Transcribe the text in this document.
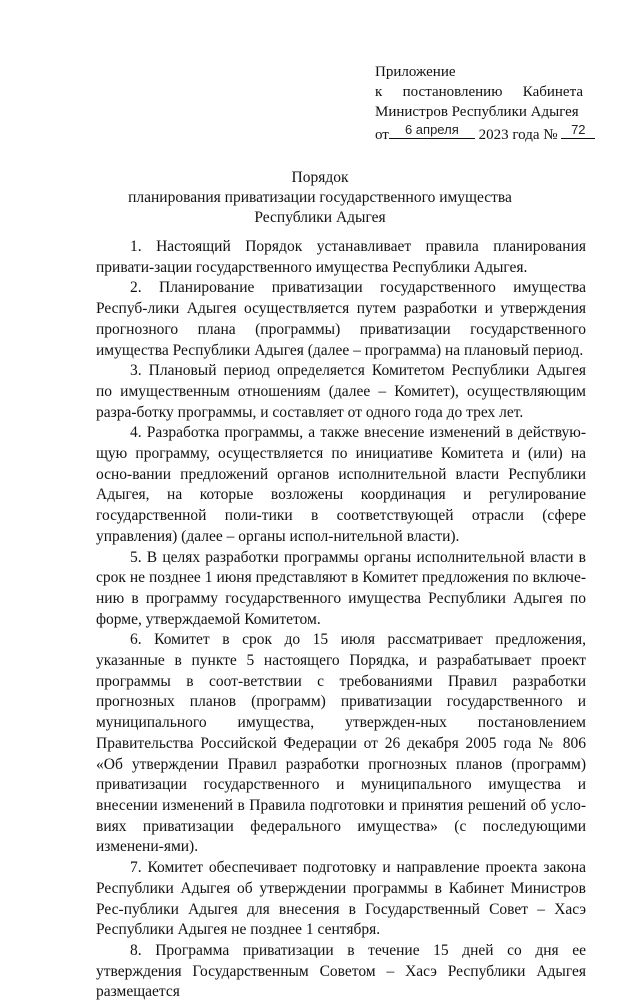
Приложение
к постановлению Кабинета
Министров Республики Адыгея
от	6 апреля	2023 года №	72
Порядок
планирования приватизации государственного имущества
Республики Адыгея

1. Настоящий Порядок устанавливает правила планирования привати-зации государственного имущества Республики Адыгея.

2. Планирование приватизации государственного имущества Респуб-лики Адыгея осуществляется путем разработки и утверждения прогнозного плана (программы) приватизации государственного имущества Республики Адыгея (далее – программа) на плановый период.

3. Плановый период определяется Комитетом Республики Адыгея по имущественным отношениям (далее – Комитет), осуществляющим разра-ботку программы, и составляет от одного года до трех лет.

4. Разработка программы, а также внесение изменений в действую-щую программу, осуществляется по инициативе Комитета и (или) на осно-вании предложений органов исполнительной власти Республики Адыгея, на которые возложены координация и регулирование государственной поли-тики в соответствующей отрасли (сфере управления) (далее – органы испол-нительной власти).

5. В целях разработки программы органы исполнительной власти в срок не позднее 1 июня представляют в Комитет предложения по включе-нию в программу государственного имущества Республики Адыгея по форме, утверждаемой Комитетом.

6. Комитет в срок до 15 июля рассматривает предложения, указанные в пункте 5 настоящего Порядка, и разрабатывает проект программы в соот-ветствии с требованиями Правил разработки прогнозных планов (программ) приватизации государственного и муниципального имущества, утвержден-ных постановлением Правительства Российской Федерации от 26 декабря 2005 года № 806 «Об утверждении Правил разработки прогнозных планов (программ) приватизации государственного и муниципального имущества и внесении изменений в Правила подготовки и принятия решений об усло-виях приватизации федерального имущества» (с последующими изменени-ями).

7. Комитет обеспечивает подготовку и направление проекта закона Республики Адыгея об утверждении программы в Кабинет Министров Рес-публики Адыгея для внесения в Государственный Совет – Хасэ Республики Адыгея не позднее 1 сентября.

8. Программа приватизации в течение 15 дней со дня ее утверждения Государственным Советом – Хасэ Республики Адыгея размещается
